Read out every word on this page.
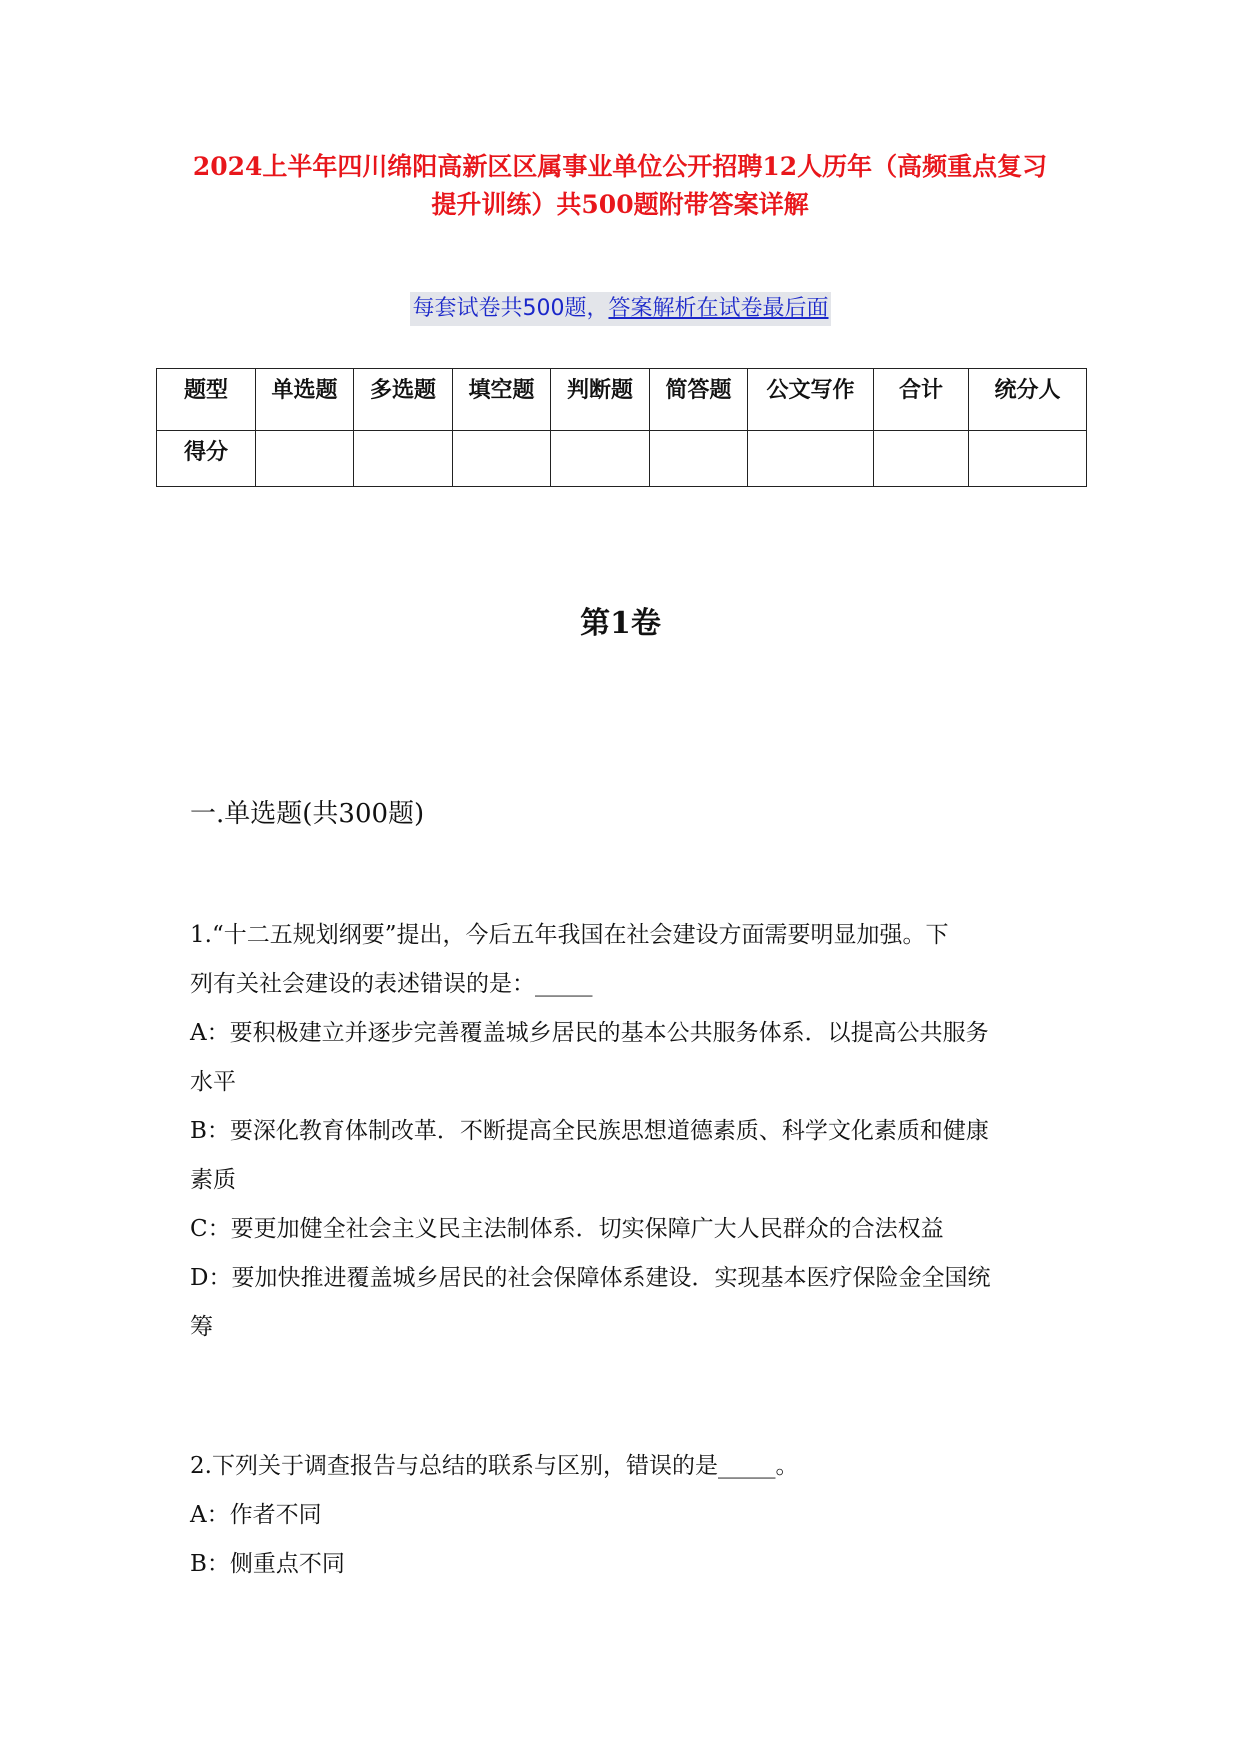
2024上半年四川绵阳高新区区属事业单位公开招聘12人历年（高频重点复习
提升训练）共500题附带答案详解
每套试卷共500题，答案解析在试卷最后面
题型	单选题	多选题	填空题	判断题	简答题	公文写作	合计	统分人
得分								
第1卷
一.单选题(共300题)
1.“十二五规划纲要”提出，今后五年我国在社会建设方面需要明显加强。下
列有关社会建设的表述错误的是：_____
A：要积极建立并逐步完善覆盖城乡居民的基本公共服务体系．以提高公共服务
水平
B：要深化教育体制改革．不断提高全民族思想道德素质、科学文化素质和健康
素质
C：要更加健全社会主义民主法制体系．切实保障广大人民群众的合法权益
D：要加快推进覆盖城乡居民的社会保障体系建设．实现基本医疗保险金全国统
筹
2.下列关于调查报告与总结的联系与区别，错误的是_____。
A：作者不同
B：侧重点不同
